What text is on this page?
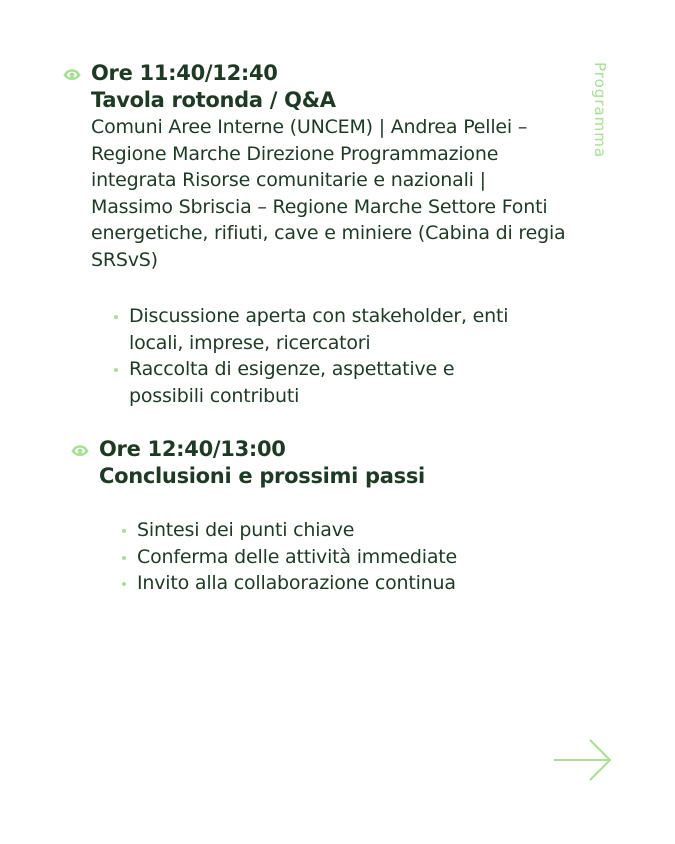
Programma
Ore 11:40/12:40
Tavola rotonda / Q&A
Comuni Aree Interne (UNCEM) | Andrea Pellei – Regione Marche Direzione Programmazione integrata Risorse comunitarie e nazionali | Massimo Sbriscia – Regione Marche Settore Fonti energetiche, rifiuti, cave e miniere (Cabina di regia SRSvS)
Discussione aperta con stakeholder, enti locali, imprese, ricercatori
Raccolta di esigenze, aspettative e possibili contributi
Ore 12:40/13:00
Conclusioni e prossimi passi
Sintesi dei punti chiave
Conferma delle attività immediate
Invito alla collaborazione continua
